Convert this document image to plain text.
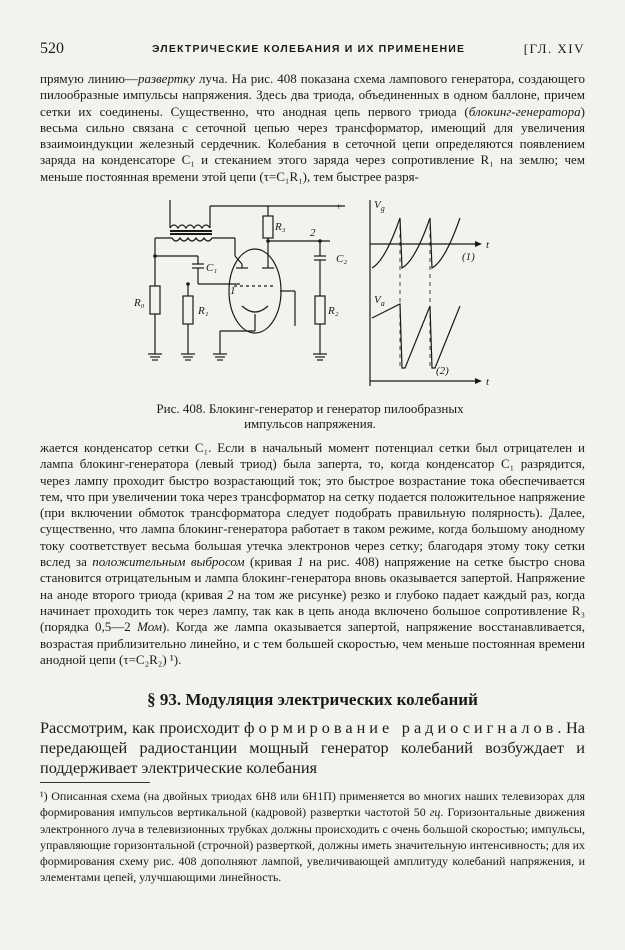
520	ЭЛЕКТРИЧЕСКИЕ КОЛЕБАНИЯ И ИХ ПРИМЕНЕНИЕ	[ГЛ. XIV

прямую линию—развертку луча. На рис. 408 показана схема лампового генератора, создающего пилообразные импульсы напряжения. Здесь два триода, объединенных в одном баллоне, причем сетки их соединены. Существенно, что анодная цепь первого триода (блокинг-генератора) весьма сильно связана с сеточной цепью через трансформатор, имеющий для увеличения взаимоиндукции железный сердечник. Колебания в сеточной цепи определяются появлением заряда на конденсаторе C₁ и стеканием этого заряда через сопротивление R₁ на землю; чем меньше постоянная времени этой цепи (τ=C₁R₁), тем быстрее разря-

+
R₃ 2
C₁
C₂
1
R₀
R₁	R₂
$V_g$
$V_a$
t
t
(1)
(2)
Рис. 408. Блокинг-генератор и генератор пилообразных
импульсов напряжения.

жается конденсатор сетки C₁. Если в начальный момент потенциал сетки был отрицателен и лампа блокинг-генератора (левый триод) была заперта, то, когда конденсатор C₁ разрядится, через лампу проходит быстро возрастающий ток; это быстрое возрастание тока обеспечивается тем, что при увеличении тока через трансформатор на сетку подается положительное напряжение (при включении обмоток трансформатора следует подобрать правильную полярность). Далее, существенно, что лампа блокинг-генератора работает в таком режиме, когда большому анодному току соответствует весьма большая утечка электронов через сетку; благодаря этому току сетки вслед за положительным выбросом (кривая 1 на рис. 408) напряжение на сетке быстро снова становится отрицательным и лампа блокинг-генератора вновь оказывается запертой. Напряжение на аноде второго триода (кривая 2 на том же рисунке) резко и глубоко падает каждый раз, когда начинает проходить ток через лампу, так как в цепь анода включено большое сопротивление R₃ (порядка 0,5—2 Мом). Когда же лампа оказывается запертой, напряжение восстанавливается, возрастая приблизительно линейно, и с тем большей скоростью, чем меньше постоянная времени анодной цепи (τ=C₂R₂) ¹).

§ 93. Модуляция электрических колебаний
Рассмотрим, как происходит формирование радиосигналов. На передающей радиостанции мощный генератор колебаний возбуждает и поддерживает электрические колебания
¹) Описанная схема (на двойных триодах 6Н8 или 6Н1П) применяется во многих наших телевизорах для формирования импульсов вертикальной (кадровой) развертки частотой 50 гц. Горизонтальные движения электронного луча в телевизионных трубках должны происходить с очень большой скоростью; импульсы, управляющие горизонтальной (строчной) разверткой, должны иметь значительную интенсивность; для их формирования схему рис. 408 дополняют лампой, увеличивающей амплитуду колебаний напряжения, и элементами цепей, улучшающими линейность.
